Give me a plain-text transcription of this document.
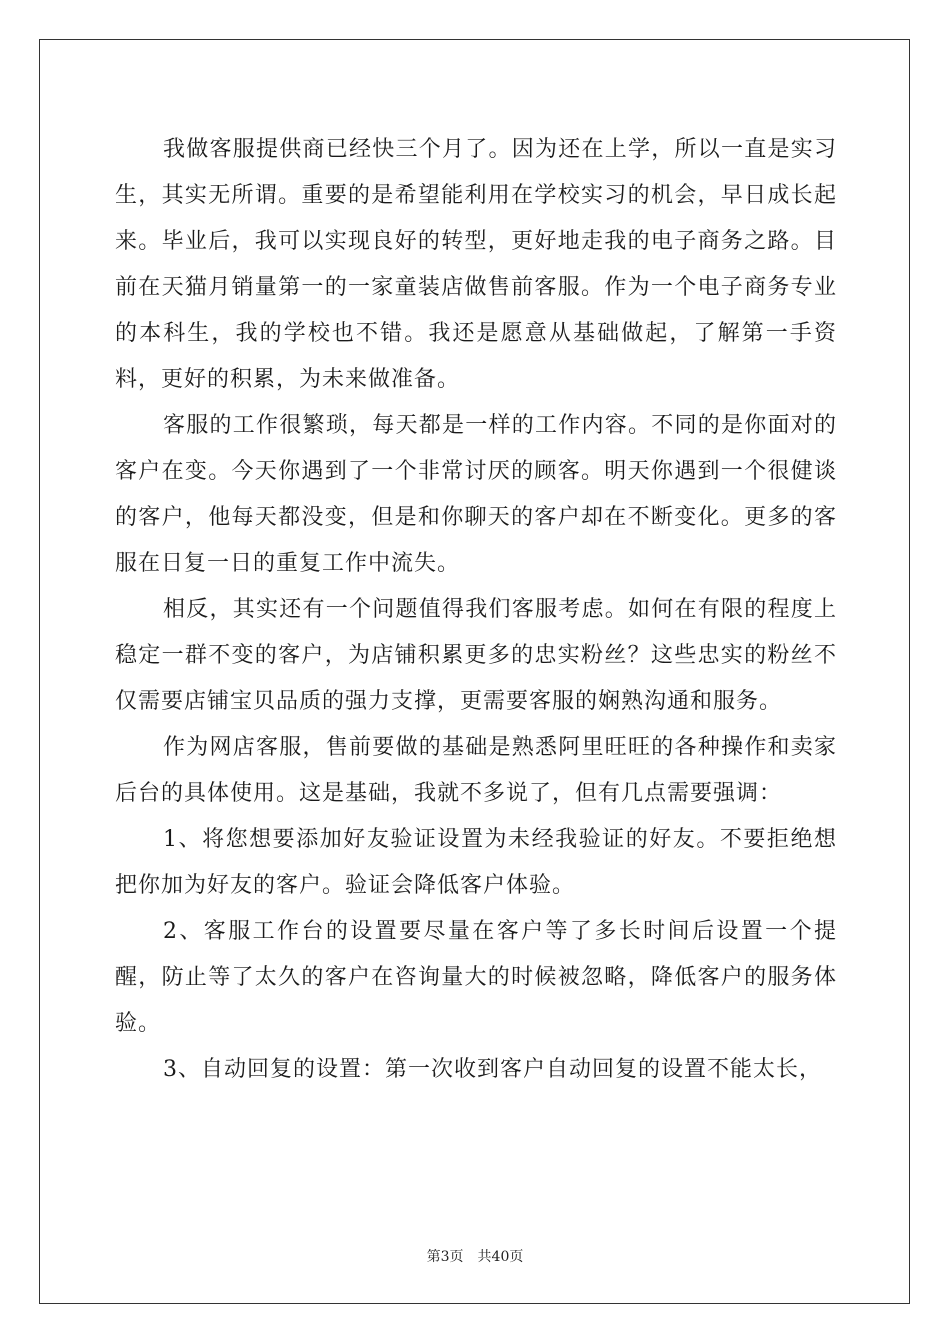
我做客服提供商已经快三个月了。因为还在上学，所以一直是实习生，其实无所谓。重要的是希望能利用在学校实习的机会，早日成长起来。毕业后，我可以实现良好的转型，更好地走我的电子商务之路。目前在天猫月销量第一的一家童装店做售前客服。作为一个电子商务专业的本科生，我的学校也不错。我还是愿意从基础做起，了解第一手资料，更好的积累，为未来做准备。

客服的工作很繁琐，每天都是一样的工作内容。不同的是你面对的客户在变。今天你遇到了一个非常讨厌的顾客。明天你遇到一个很健谈的客户，他每天都没变，但是和你聊天的客户却在不断变化。更多的客服在日复一日的重复工作中流失。

相反，其实还有一个问题值得我们客服考虑。如何在有限的程度上稳定一群不变的客户，为店铺积累更多的忠实粉丝？这些忠实的粉丝不仅需要店铺宝贝品质的强力支撑，更需要客服的娴熟沟通和服务。

作为网店客服，售前要做的基础是熟悉阿里旺旺的各种操作和卖家后台的具体使用。这是基础，我就不多说了，但有几点需要强调：

1、将您想要添加好友验证设置为未经我验证的好友。不要拒绝想把你加为好友的客户。验证会降低客户体验。

2、客服工作台的设置要尽量在客户等了多长时间后设置一个提醒，防止等了太久的客户在咨询量大的时候被忽略，降低客户的服务体验。

3、自动回复的设置：第一次收到客户自动回复的设置不能太长，

第3页 共40页
